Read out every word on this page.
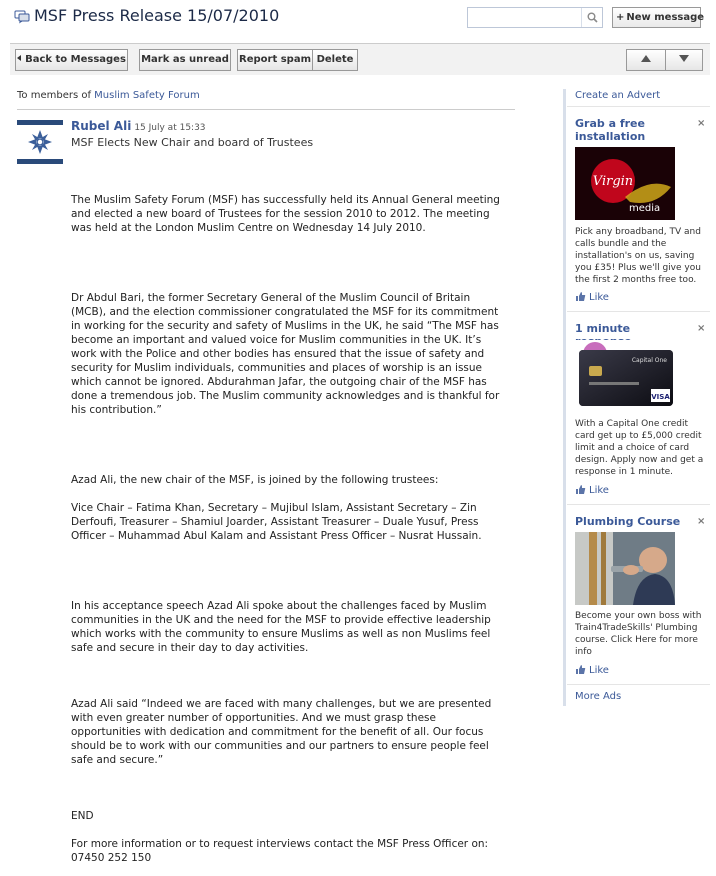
MSF Press Release 15/07/2010	+ New message
Back to Messages Mark as unread Report spam Delete
To members of Muslim Safety Forum
Rubel Ali 15 July at 15:33
MSF Elects New Chair and board of Trustees
The Muslim Safety Forum (MSF) has successfully held its Annual General meeting and elected a new board of Trustees for the session 2010 to 2012. The meeting was held at the London Muslim Centre on Wednesday 14 July 2010.
Dr Abdul Bari, the former Secretary General of the Muslim Council of Britain (MCB), and the election commissioner congratulated the MSF for its commitment in working for the security and safety of Muslims in the UK, he said “The MSF has become an important and valued voice for Muslim communities in the UK. It’s work with the Police and other bodies has ensured that the issue of safety and security for Muslim individuals, communities and places of worship is an issue which cannot be ignored. Abdurahman Jafar, the outgoing chair of the MSF has done a tremendous job. The Muslim community acknowledges and is thankful for his contribution.”
Azad Ali, the new chair of the MSF, is joined by the following trustees:
Vice Chair – Fatima Khan, Secretary – Mujibul Islam, Assistant Secretary – Zin Derfoufi, Treasurer – Shamiul Joarder, Assistant Treasurer – Duale Yusuf, Press Officer – Muhammad Abul Kalam and Assistant Press Officer – Nusrat Hussain.
In his acceptance speech Azad Ali spoke about the challenges faced by Muslim communities in the UK and the need for the MSF to provide effective leadership which works with the community to ensure Muslims as well as non Muslims feel safe and secure in their day to day activities.
Azad Ali said “Indeed we are faced with many challenges, but we are presented with even greater number of opportunities. And we must grasp these opportunities with dedication and commitment for the benefit of all. Our focus should be to work with our communities and our partners to ensure people feel safe and secure.”
END
For more information or to request interviews contact the MSF Press Officer on: 07450 252 150
Create an Advert
Grab a free installation
×
Virgin
media
Pick any broadband, TV and calls bundle and the installation's on us, saving you £35! Plus we'll give you the first 2 months free too.
Like
1 minute	×
Capital One
VISA
With a Capital One credit card get up to £5,000 credit limit and a choice of card design. Apply now and get a response in 1 minute.
Like
Plumbing Course	×
Become your own boss with Train4TradeSkills' Plumbing course. Click Here for more info
Like
More Ads
